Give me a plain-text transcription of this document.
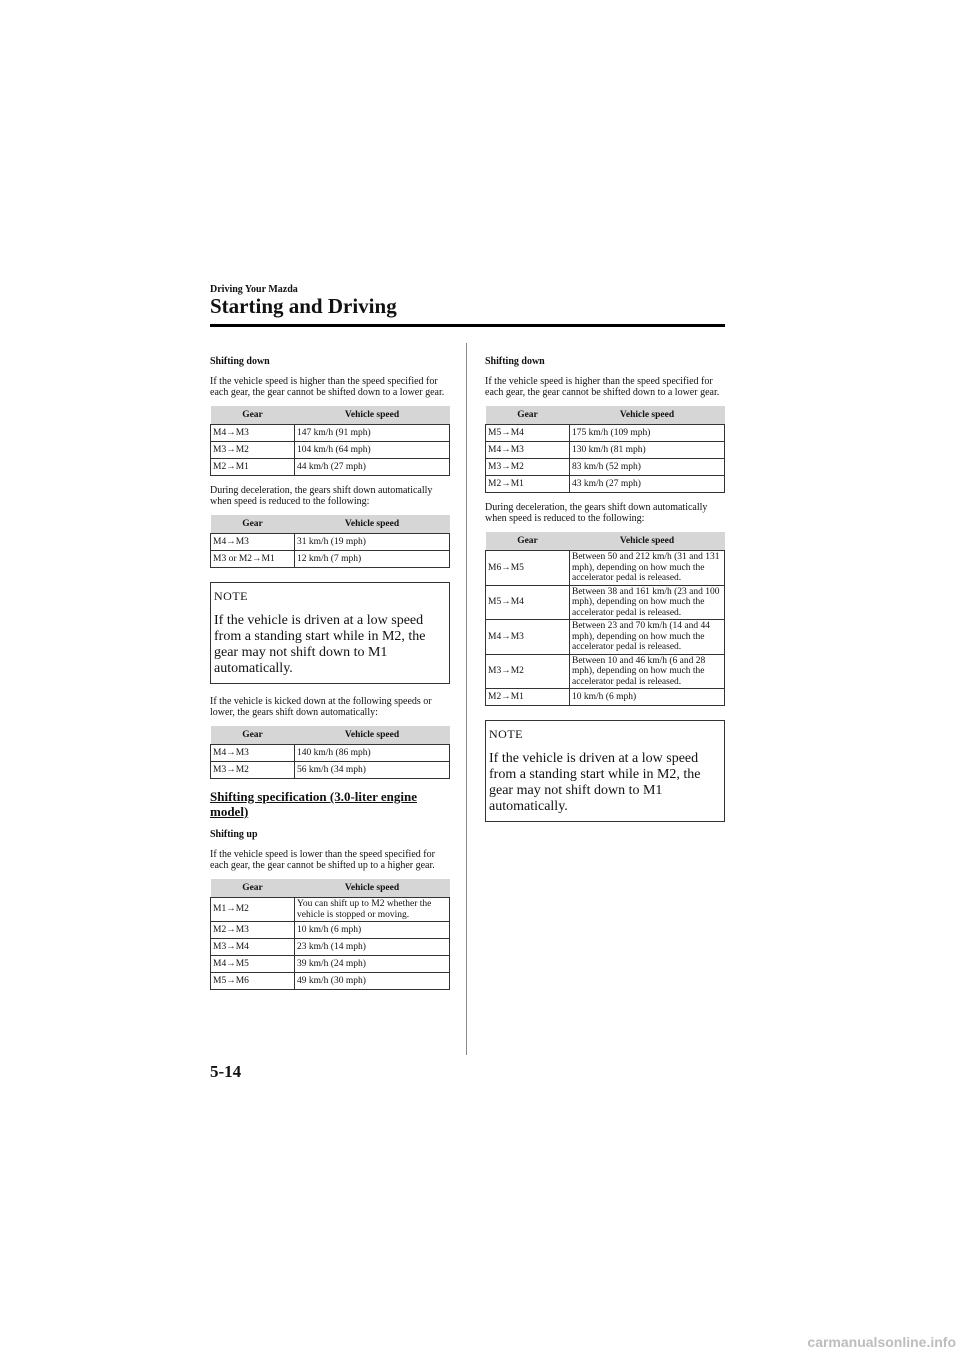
Driving Your Mazda
Starting and Driving

Shifting down

If the vehicle speed is higher than the speed specified for each gear, the gear cannot be shifted down to a lower gear.

Gear	Vehicle speed
M4→M3	147 km/h (91 mph)
M3→M2	104 km/h (64 mph)
M2→M1	44 km/h (27 mph)

During deceleration, the gears shift down automatically when speed is reduced to the following:

Gear	Vehicle speed
M4→M3	31 km/h (19 mph)
M3 or M2→M1	12 km/h (7 mph)

NOTE

If the vehicle is driven at a low speed from a standing start while in M2, the gear may not shift down to M1 automatically.

If the vehicle is kicked down at the following speeds or lower, the gears shift down automatically:

Gear	Vehicle speed
M4→M3	140 km/h (86 mph)
M3→M2	56 km/h (34 mph)

Shifting specification (3.0-liter engine model)

Shifting up

If the vehicle speed is lower than the speed specified for each gear, the gear cannot be shifted up to a higher gear.

Gear	Vehicle speed
M1→M2	You can shift up to M2 whether the vehicle is stopped or moving.
M2→M3	10 km/h (6 mph)
M3→M4	23 km/h (14 mph)
M4→M5	39 km/h (24 mph)
M5→M6	49 km/h (30 mph)

Shifting down

If the vehicle speed is higher than the speed specified for each gear, the gear cannot be shifted down to a lower gear.

Gear	Vehicle speed
M5→M4	175 km/h (109 mph)
M4→M3	130 km/h (81 mph)
M3→M2	83 km/h (52 mph)
M2→M1	43 km/h (27 mph)

During deceleration, the gears shift down automatically when speed is reduced to the following:

Gear	Vehicle speed
M6→M5	Between 50 and 212 km/h (31 and 131 mph), depending on how much the accelerator pedal is released.
M5→M4	Between 38 and 161 km/h (23 and 100 mph), depending on how much the accelerator pedal is released.
M4→M3	Between 23 and 70 km/h (14 and 44 mph), depending on how much the accelerator pedal is released.
M3→M2	Between 10 and 46 km/h (6 and 28 mph), depending on how much the accelerator pedal is released.
M2→M1	10 km/h (6 mph)

NOTE

If the vehicle is driven at a low speed from a standing start while in M2, the gear may not shift down to M1 automatically.

5-14
carmanualsonline.info
